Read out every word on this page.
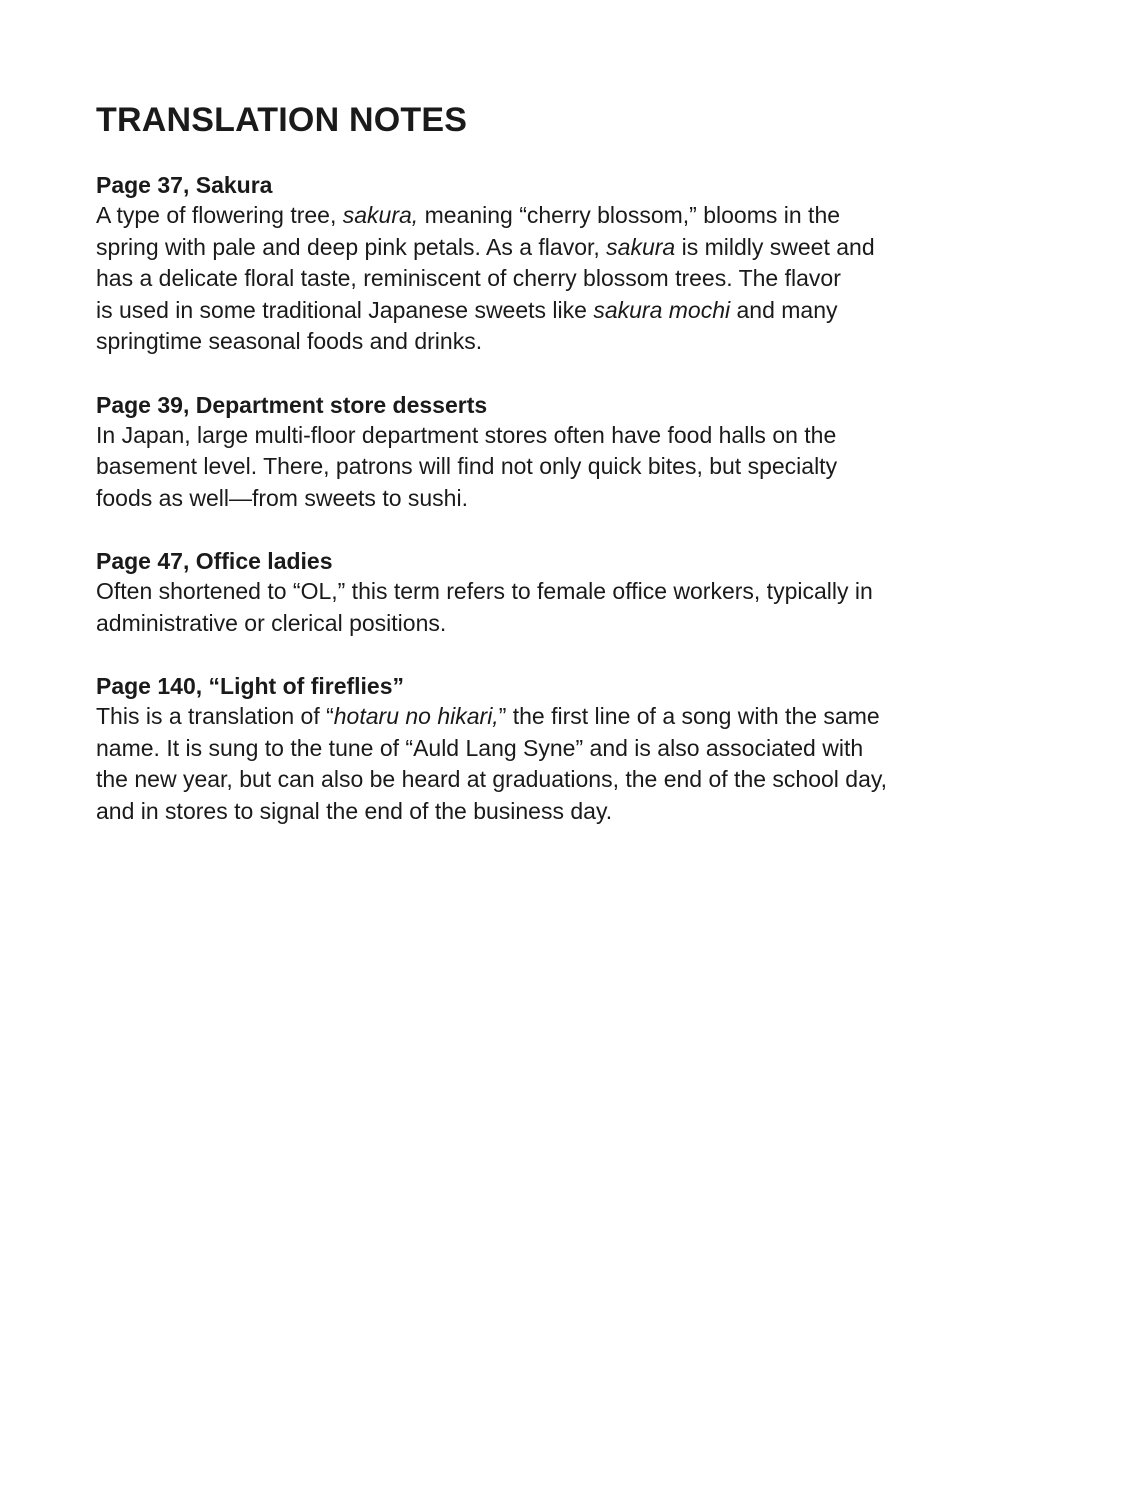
TRANSLATION NOTES

Page 37, Sakura

A type of flowering tree, sakura, meaning “cherry blossom,” blooms in the
spring with pale and deep pink petals. As a flavor, sakura is mildly sweet and
has a delicate floral taste, reminiscent of cherry blossom trees. The flavor
is used in some traditional Japanese sweets like sakura mochi and many
springtime seasonal foods and drinks.

Page 39, Department store desserts

In Japan, large multi-floor department stores often have food halls on the
basement level. There, patrons will find not only quick bites, but specialty
foods as well—from sweets to sushi.

Page 47, Office ladies

Often shortened to “OL,” this term refers to female office workers, typically in
administrative or clerical positions.

Page 140, “Light of fireflies”

This is a translation of “hotaru no hikari,” the first line of a song with the same
name. It is sung to the tune of “Auld Lang Syne” and is also associated with
the new year, but can also be heard at graduations, the end of the school day,
and in stores to signal the end of the business day.
